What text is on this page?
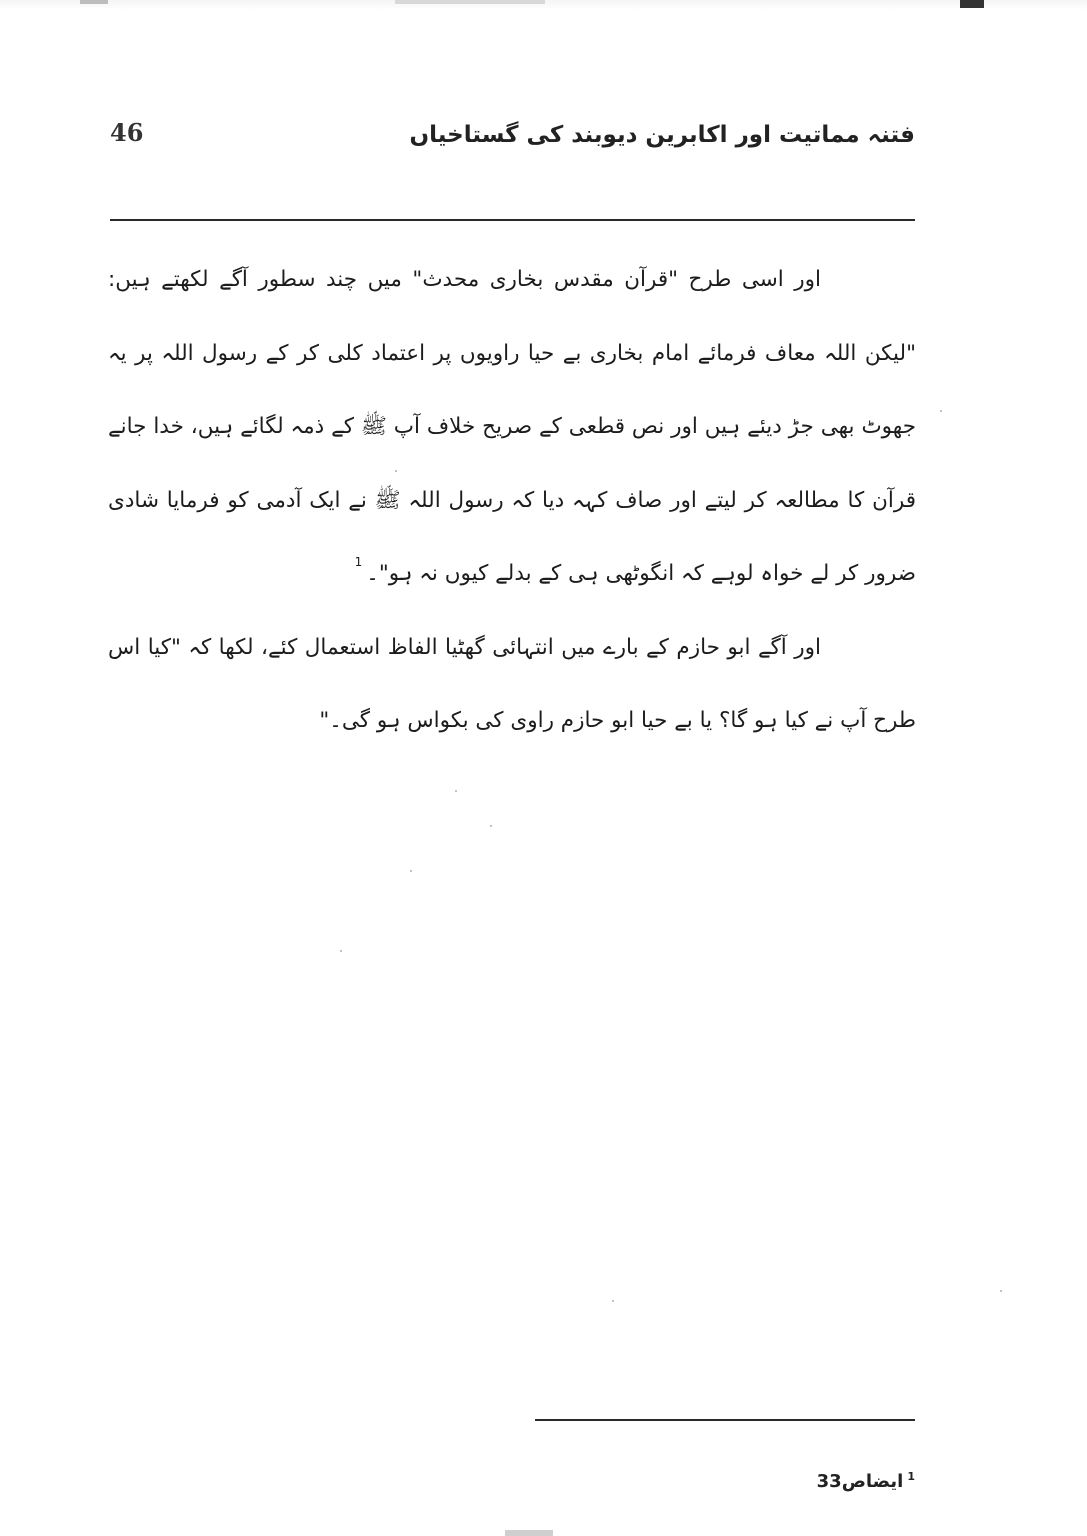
فتنہ مماتیت اور اکابرین دیوبند کی گستاخیاں
46

اور اسی طرح "قرآن مقدس بخاری محدث" میں چند سطور آگے لکھتے ہیں: "لیکن اللہ معاف فرمائے امام بخاری بے حیا راویوں پر اعتماد کلی کر کے رسول اللہ پر یہ جھوٹ بھی جڑ دیئے ہیں اور نص قطعی کے صریح خلاف آپ ﷺ کے ذمہ لگائے ہیں، خدا جانے قرآن کا مطالعہ کر لیتے اور صاف کہہ دیا کہ رسول اللہ ﷺ نے ایک آدمی کو فرمایا شادی ضرور کر لے خواہ لوہے کہ انگوٹھی ہی کے بدلے کیوں نہ ہو"۔$^1$

اور آگے ابو حازم کے بارے میں انتہائی گھٹیا الفاظ استعمال کئے، لکھا کہ "کیا اس طرح آپ نے کیا ہو گا؟ یا بے حیا ابو حازم راوی کی بکواس ہو گی۔"

$^1$ایضاص33
